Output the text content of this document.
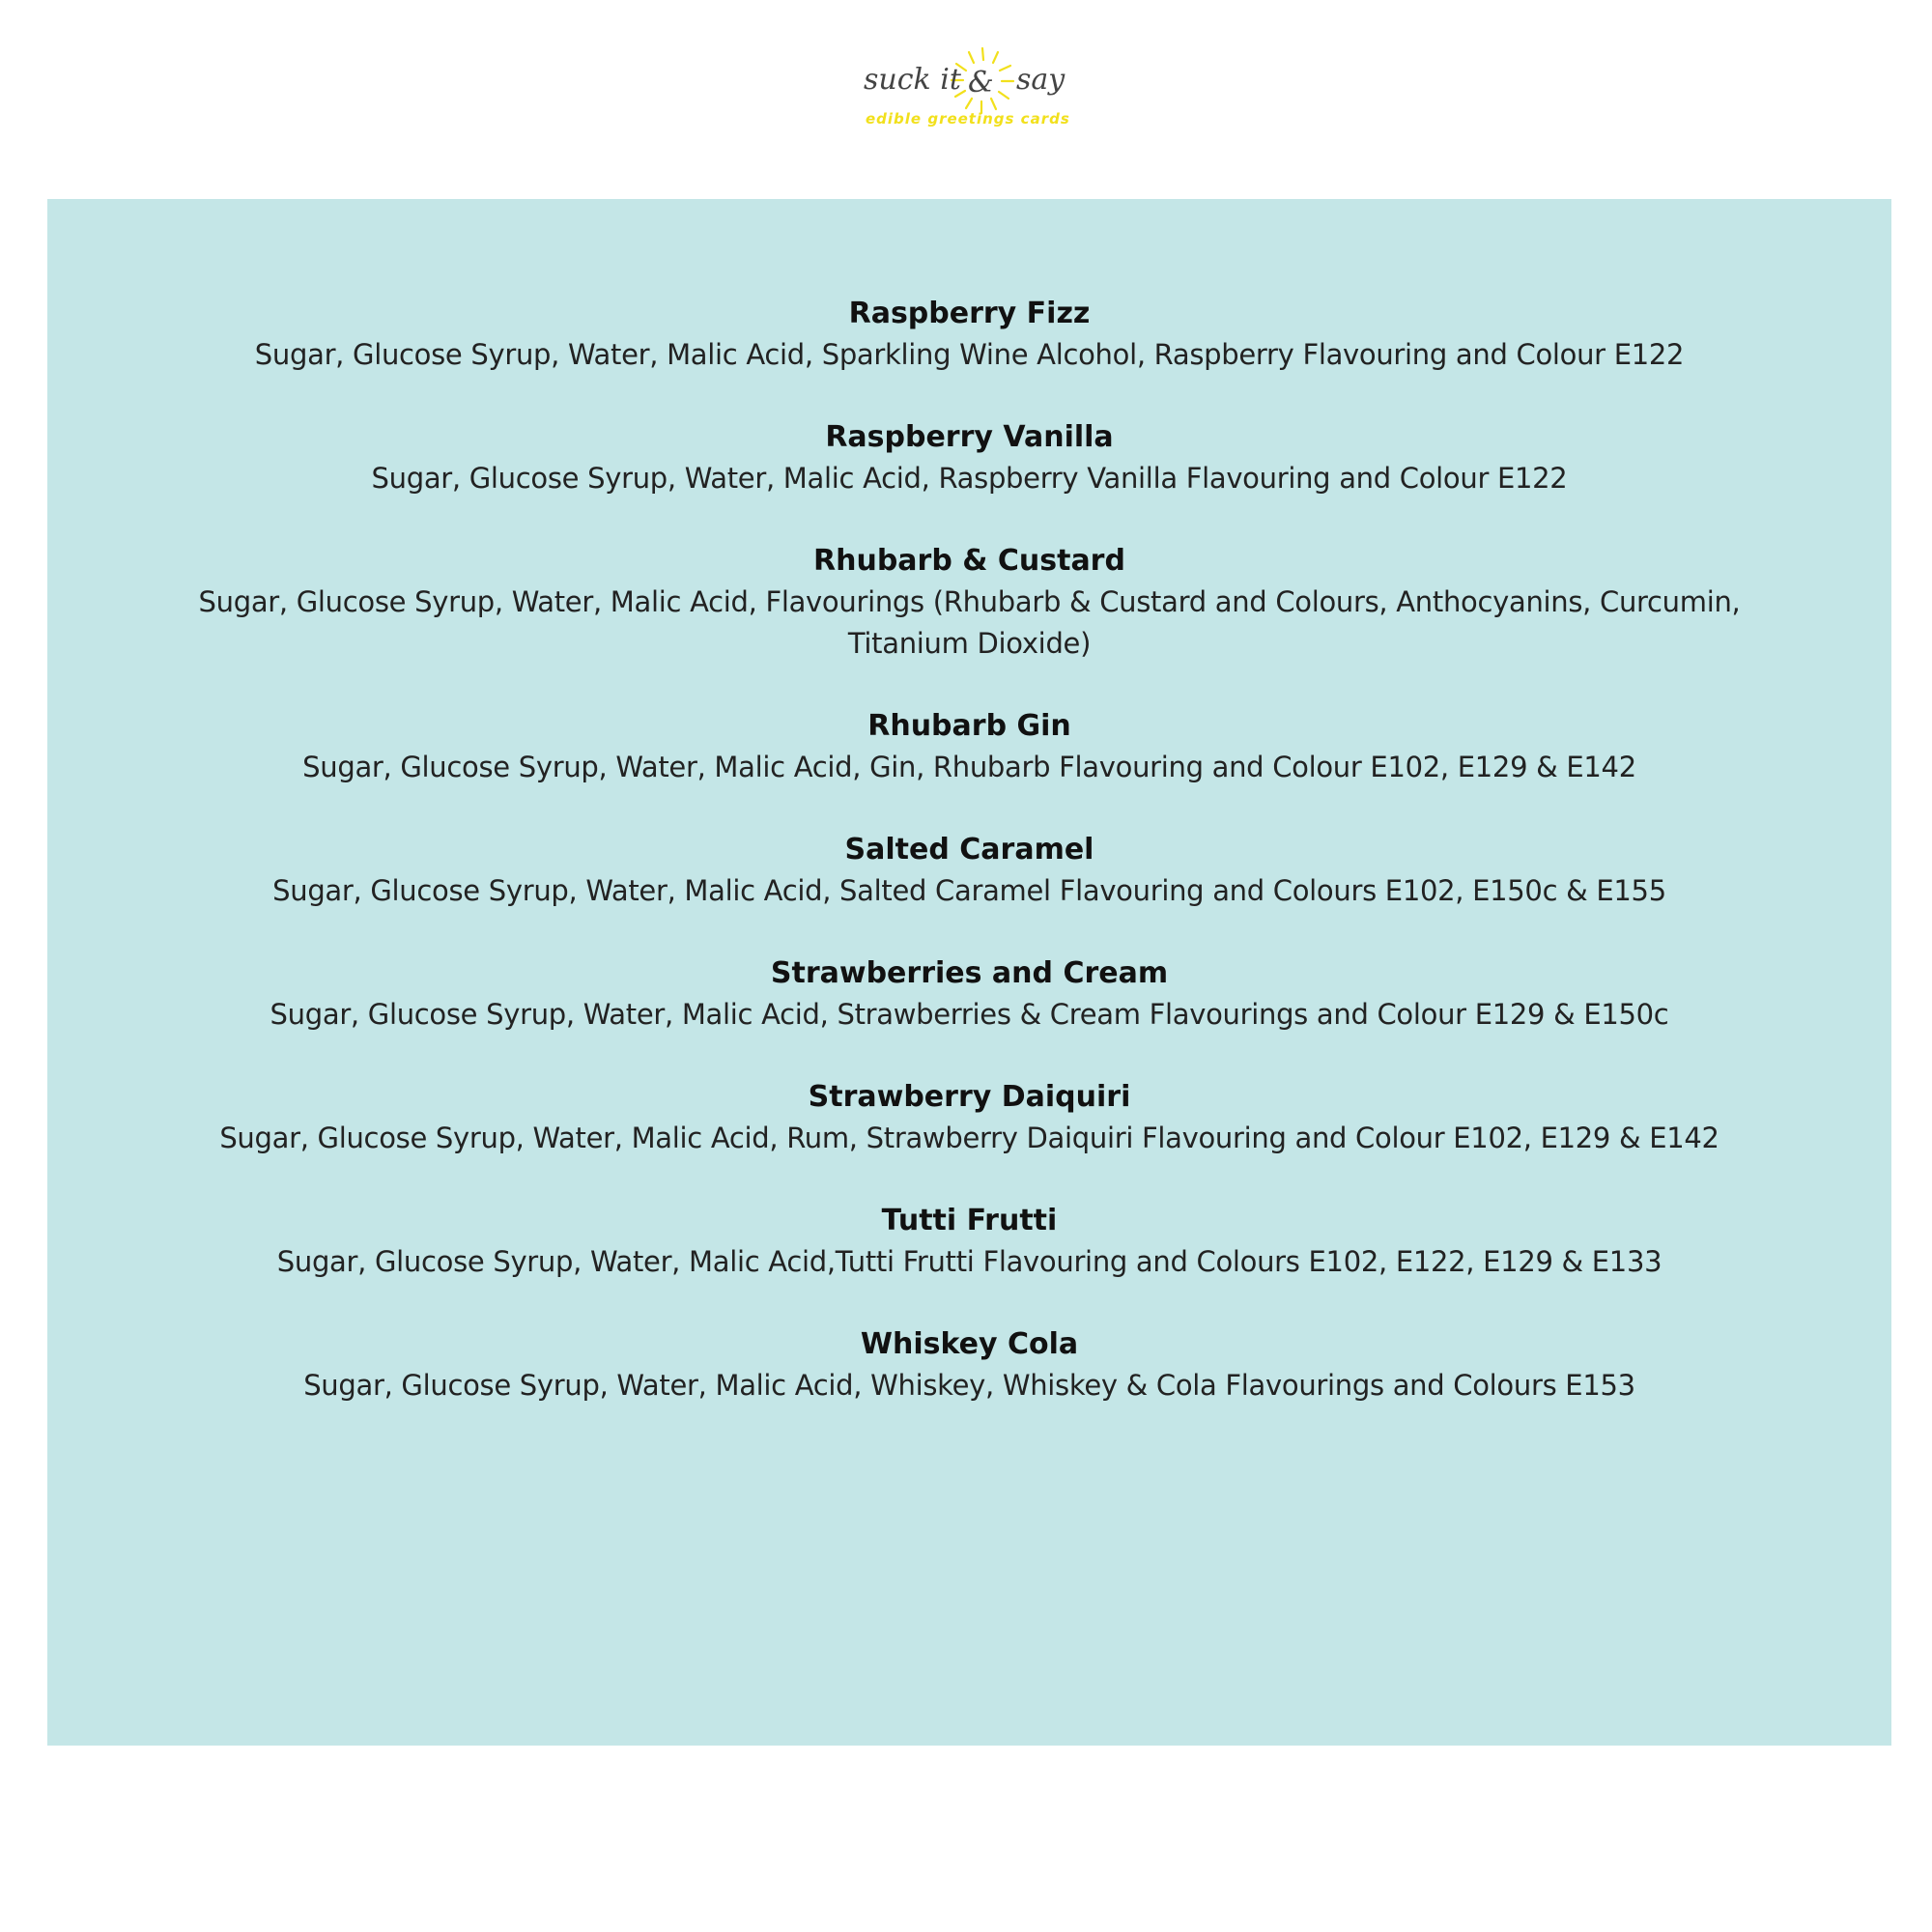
suck it & say
edible greetings cards
Raspberry Fizz
Sugar, Glucose Syrup, Water, Malic Acid, Sparkling Wine Alcohol, Raspberry Flavouring and Colour E122
Raspberry Vanilla
Sugar, Glucose Syrup, Water, Malic Acid, Raspberry Vanilla Flavouring and Colour E122
Rhubarb & Custard
Sugar, Glucose Syrup, Water, Malic Acid, Flavourings (Rhubarb & Custard and Colours, Anthocyanins, Curcumin, Titanium Dioxide)
Rhubarb Gin
Sugar, Glucose Syrup, Water, Malic Acid, Gin, Rhubarb Flavouring and Colour E102, E129 & E142
Salted Caramel
Sugar, Glucose Syrup, Water, Malic Acid, Salted Caramel Flavouring and Colours E102, E150c & E155
Strawberries and Cream
Sugar, Glucose Syrup, Water, Malic Acid, Strawberries & Cream Flavourings and Colour E129 & E150c
Strawberry Daiquiri
Sugar, Glucose Syrup, Water, Malic Acid, Rum, Strawberry Daiquiri Flavouring and Colour E102, E129 & E142
Tutti Frutti
Sugar, Glucose Syrup, Water, Malic Acid,Tutti Frutti Flavouring and Colours E102, E122, E129 & E133
Whiskey Cola
Sugar, Glucose Syrup, Water, Malic Acid, Whiskey, Whiskey & Cola Flavourings and Colours E153
